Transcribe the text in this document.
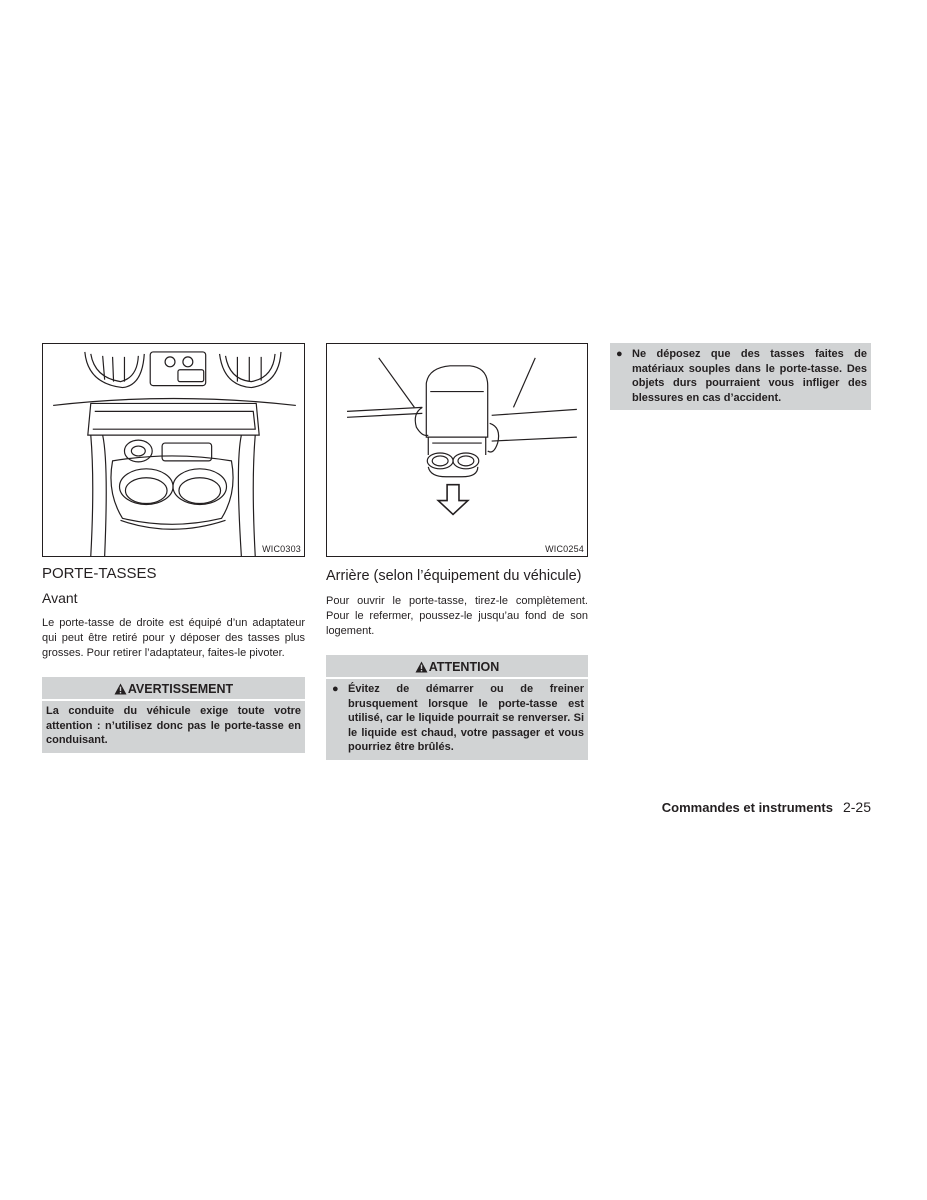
WIC0303
PORTE-TASSES
Avant

Le porte-tasse de droite est équipé d’un adaptateur qui peut être retiré pour y déposer des tasses plus grosses. Pour retirer l’adaptateur, faites-le pivoter.

AVERTISSEMENT
La conduite du véhicule exige toute votre attention : n’utilisez donc pas le porte-tasse en conduisant.
WIC0254
Arrière (selon l’équipement du véhicule)

Pour ouvrir le porte-tasse, tirez-le complètement. Pour le refermer, poussez-le jusqu’au fond de son logement.

ATTENTION
● Évitez de démarrer ou de freiner brusquement lorsque le porte-tasse est utilisé, car le liquide pourrait se renverser. Si le liquide est chaud, votre passager et vous pourriez être brûlés.
● Ne déposez que des tasses faites de matériaux souples dans le porte-tasse. Des objets durs pourraient vous infliger des blessures en cas d’accident.
Commandes et instruments 2-25
